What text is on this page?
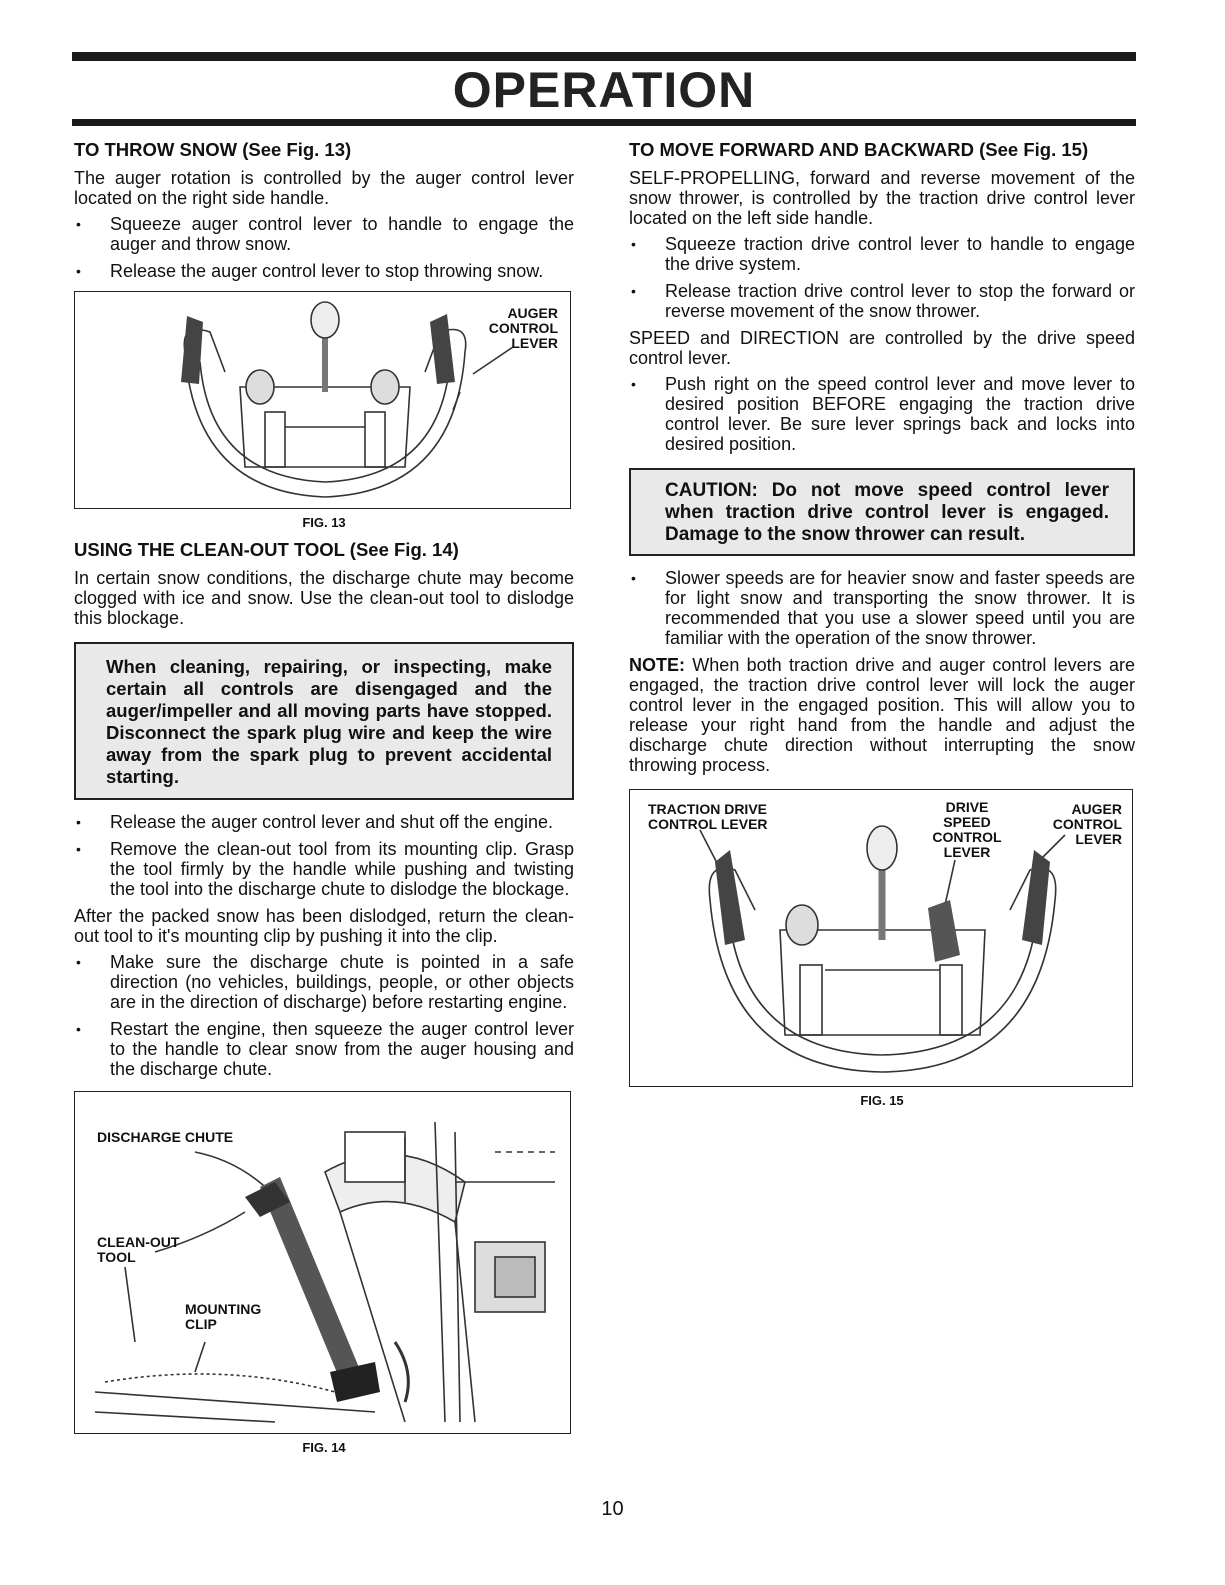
OPERATION
TO THROW SNOW (See Fig. 13)

The auger rotation is controlled by the auger control lever located on the right side handle.

• Squeeze auger control lever to handle to engage the auger and throw snow.
• Release the auger control lever to stop throwing snow.
AUGER
CONTROL
LEVER
FIG. 13
USING THE CLEAN-OUT TOOL (See Fig. 14)

In certain snow conditions, the discharge chute may become clogged with ice and snow. Use the clean-out tool to dislodge this blockage.

When cleaning, repairing, or inspecting, make certain all controls are disengaged and the auger/impeller and all moving parts have stopped. Disconnect the spark plug wire and keep the wire away from the spark plug to prevent accidental starting.
• Release the auger control lever and shut off the engine.
• Remove the clean-out tool from its mounting clip. Grasp the tool firmly by the handle while pushing and twisting the tool into the discharge chute to dislodge the blockage.

After the packed snow has been dislodged, return the clean-out tool to it's mounting clip by pushing it into the clip.

• Make sure the discharge chute is pointed in a safe direction (no vehicles, buildings, people, or other objects are in the direction of discharge) before restarting engine.
• Restart the engine, then squeeze the auger control lever to the handle to clear snow from the auger housing and the discharge chute.
DISCHARGE CHUTE
CLEAN-OUT
TOOL
MOUNTING
CLIP
FIG. 14
TO MOVE FORWARD AND BACKWARD (See Fig. 15)

SELF-PROPELLING, forward and reverse movement of the snow thrower, is controlled by the traction drive control lever located on the left side handle.

• Squeeze traction drive control lever to handle to engage the drive system.
• Release traction drive control lever to stop the forward or reverse movement of the snow thrower.

SPEED and DIRECTION are controlled by the drive speed control lever.

• Push right on the speed control lever and move lever to desired position BEFORE engaging the traction drive control lever. Be sure lever springs back and locks into desired position.
CAUTION: Do not move speed control lever when traction drive control lever is engaged. Damage to the snow thrower can result.
• Slower speeds are for heavier snow and faster speeds are for light snow and transporting the snow thrower. It is recommended that you use a slower speed until you are familiar with the operation of the snow thrower.

NOTE: When both traction drive and auger control levers are engaged, the traction drive control lever will lock the auger control lever in the engaged position. This will allow you to release your right hand from the handle and adjust the discharge chute direction without interrupting the snow throwing process.

TRACTION DRIVE
CONTROL LEVER
DRIVE
SPEED
CONTROL
LEVER
AUGER
CONTROL
LEVER
FIG. 15
10
